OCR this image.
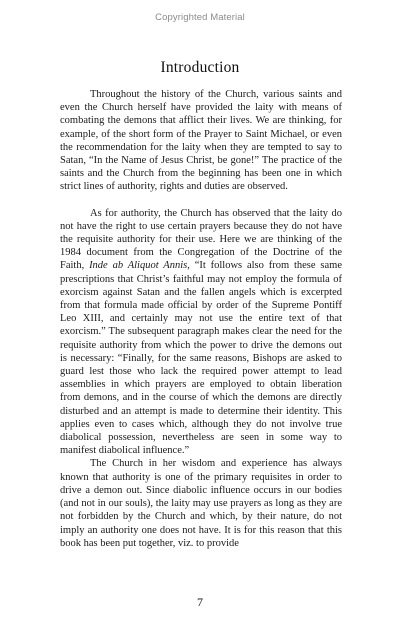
Copyrighted Material
Introduction

Throughout the history of the Church, various saints and even the Church herself have provided the laity with means of combating the demons that afflict their lives. We are thinking, for example, of the short form of the Prayer to Saint Michael, or even the recommendation for the laity when they are tempted to say to Satan, “In the Name of Jesus Christ, be gone!” The practice of the saints and the Church from the beginning has been one in which strict lines of authority, rights and duties are observed.

As for authority, the Church has observed that the laity do not have the right to use certain prayers because they do not have the requisite authority for their use. Here we are thinking of the 1984 document from the Congregation of the Doctrine of the Faith, Inde ab Aliquot Annis, “It follows also from these same prescriptions that Christ’s faithful may not employ the formula of exorcism against Satan and the fallen angels which is excerpted from that formula made official by order of the Supreme Pontiff Leo XIII, and certainly may not use the entire text of that exorcism.” The subsequent paragraph makes clear the need for the requisite authority from which the power to drive the demons out is necessary: “Finally, for the same reasons, Bishops are asked to guard lest those who lack the required power attempt to lead assemblies in which prayers are employed to obtain liberation from demons, and in the course of which the demons are directly disturbed and an attempt is made to determine their identity. This applies even to cases which, although they do not involve true diabolical possession, nevertheless are seen in some way to manifest diabolical influence.”

The Church in her wisdom and experience has always known that authority is one of the primary requisites in order to drive a demon out. Since diabolic influence occurs in our bodies (and not in our souls), the laity may use prayers as long as they are not forbidden by the Church and which, by their nature, do not imply an authority one does not have. It is for this reason that this book has been put together, viz. to provide

7
